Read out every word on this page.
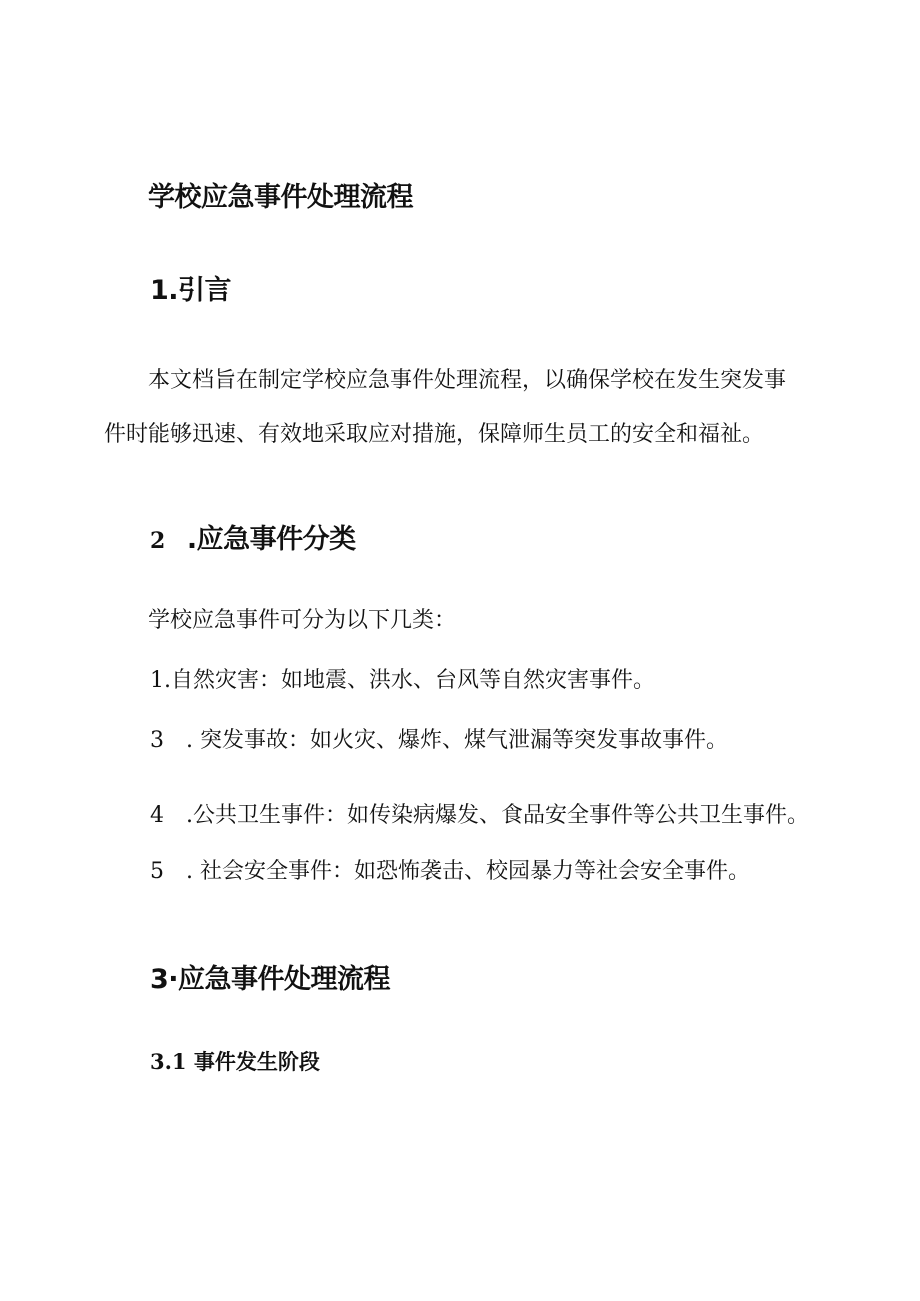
学校应急事件处理流程
1.引言

本文档旨在制定学校应急事件处理流程，以确保学校在发生突发事

件时能够迅速、有效地采取应对措施，保障师生员工的安全和福祉。

2 .应急事件分类

学校应急事件可分为以下几类：

1.自然灾害：如地震、洪水、台风等自然灾害事件。

3 . 突发事故：如火灾、爆炸、煤气泄漏等突发事故事件。

4 .公共卫生事件：如传染病爆发、食品安全事件等公共卫生事件。

5 . 社会安全事件：如恐怖袭击、校园暴力等社会安全事件。

3·应急事件处理流程
3.1 事件发生阶段
